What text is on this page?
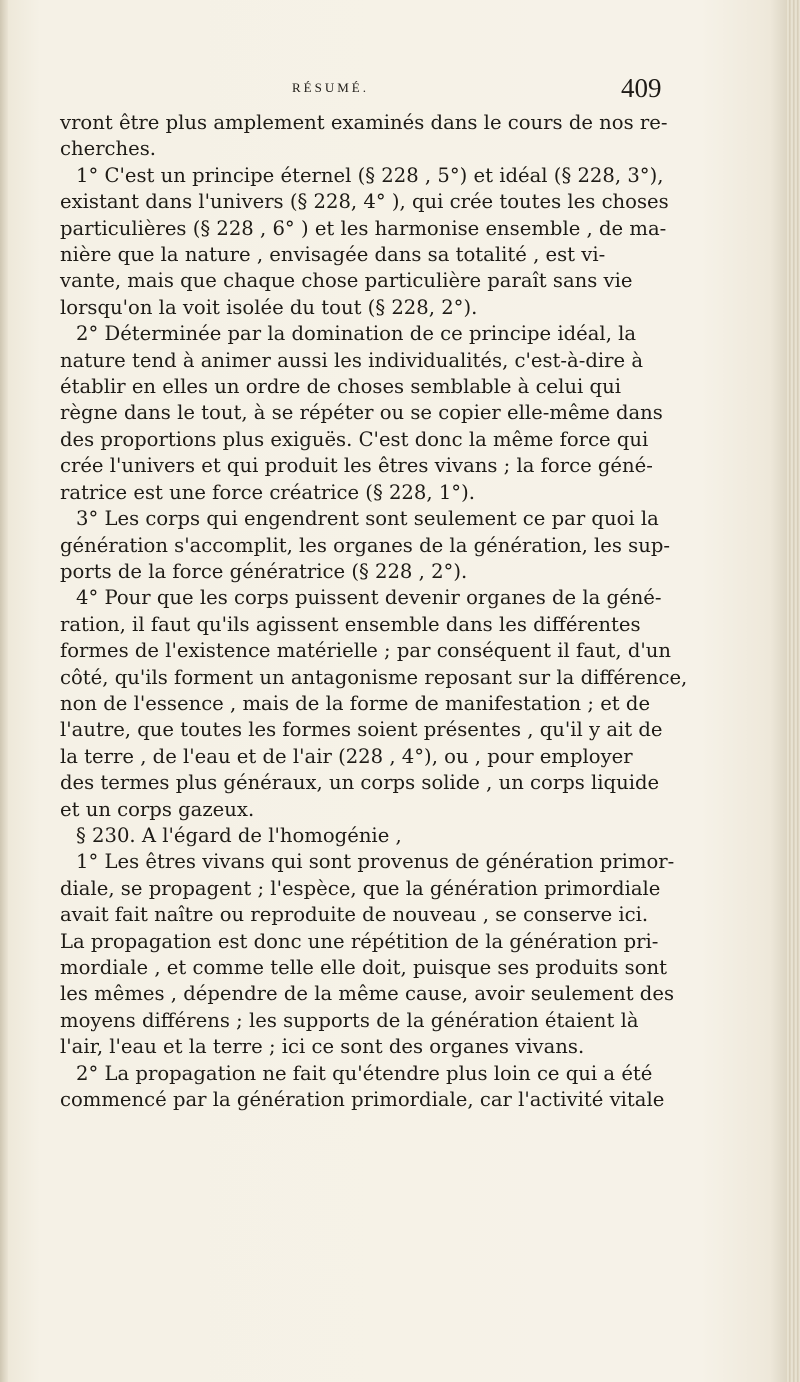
RÉSUMÉ.	409
vront être plus amplement examinés dans le cours de nos re-
cherches.
1° C'est un principe éternel (§ 228 , 5°) et idéal (§ 228, 3°),
existant dans l'univers (§ 228, 4° ), qui crée toutes les choses
particulières (§ 228 , 6° ) et les harmonise ensemble , de ma-
nière que la nature , envisagée dans sa totalité , est vi-
vante, mais que chaque chose particulière paraît sans vie
lorsqu'on la voit isolée du tout (§ 228, 2°).
2° Déterminée par la domination de ce principe idéal, la
nature tend à animer aussi les individualités, c'est-à-dire à
établir en elles un ordre de choses semblable à celui qui
règne dans le tout, à se répéter ou se copier elle-même dans
des proportions plus exiguës. C'est donc la même force qui
crée l'univers et qui produit les êtres vivans ; la force géné-
ratrice est une force créatrice (§ 228, 1°).
3° Les corps qui engendrent sont seulement ce par quoi la
génération s'accomplit, les organes de la génération, les sup-
ports de la force génératrice (§ 228 , 2°).
4° Pour que les corps puissent devenir organes de la géné-
ration, il faut qu'ils agissent ensemble dans les différentes
formes de l'existence matérielle ; par conséquent il faut, d'un
côté, qu'ils forment un antagonisme reposant sur la différence,
non de l'essence , mais de la forme de manifestation ; et de
l'autre, que toutes les formes soient présentes , qu'il y ait de
la terre , de l'eau et de l'air (228 , 4°), ou , pour employer
des termes plus généraux, un corps solide , un corps liquide
et un corps gazeux.
§ 230. A l'égard de l'homogénie ,
1° Les êtres vivans qui sont provenus de génération primor-
diale, se propagent ; l'espèce, que la génération primordiale
avait fait naître ou reproduite de nouveau , se conserve ici.
La propagation est donc une répétition de la génération pri-
mordiale , et comme telle elle doit, puisque ses produits sont
les mêmes , dépendre de la même cause, avoir seulement des
moyens différens ; les supports de la génération étaient là
l'air, l'eau et la terre ; ici ce sont des organes vivans.
2° La propagation ne fait qu'étendre plus loin ce qui a été
commencé par la génération primordiale, car l'activité vitale
